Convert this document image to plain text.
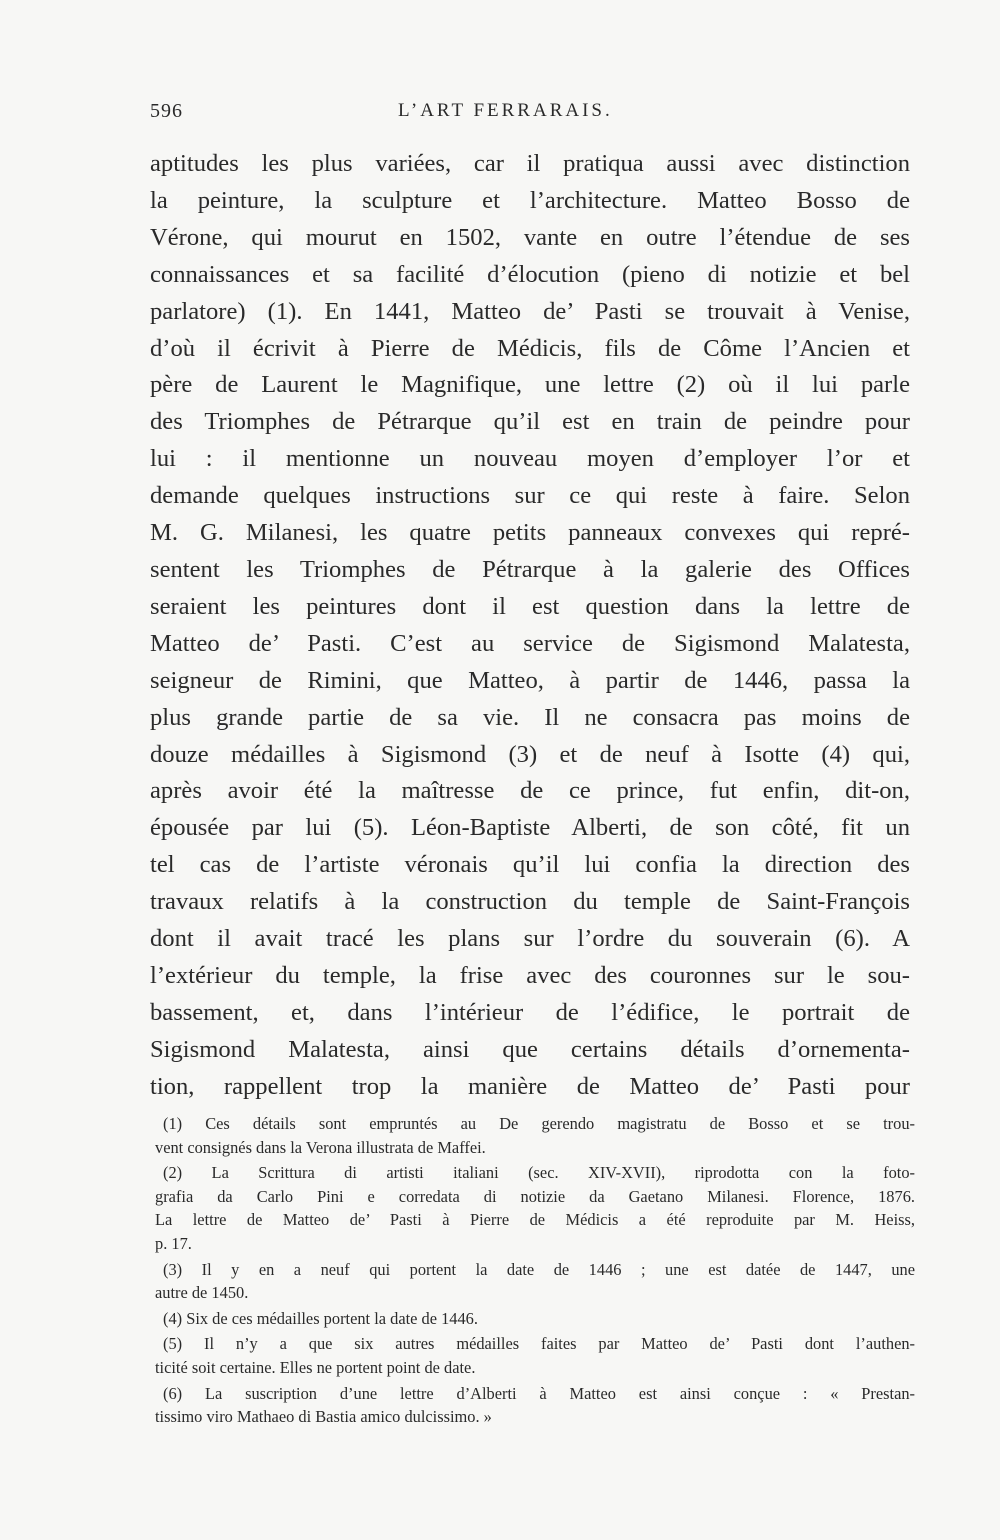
596	L’ART FERRARAIS.
aptitudes les plus variées, car il pratiqua aussi avec distinction
la peinture, la sculpture et l’architecture. Matteo Bosso de
Vérone, qui mourut en 1502, vante en outre l’étendue de ses
connaissances et sa facilité d’élocution (pieno di notizie et bel
parlatore) (1). En 1441, Matteo de’ Pasti se trouvait à Venise,
d’où il écrivit à Pierre de Médicis, fils de Côme l’Ancien et
père de Laurent le Magnifique, une lettre (2) où il lui parle
des Triomphes de Pétrarque qu’il est en train de peindre pour
lui : il mentionne un nouveau moyen d’employer l’or et
demande quelques instructions sur ce qui reste à faire. Selon
M. G. Milanesi, les quatre petits panneaux convexes qui repré-
sentent les Triomphes de Pétrarque à la galerie des Offices
seraient les peintures dont il est question dans la lettre de
Matteo de’ Pasti. C’est au service de Sigismond Malatesta,
seigneur de Rimini, que Matteo, à partir de 1446, passa la
plus grande partie de sa vie. Il ne consacra pas moins de
douze médailles à Sigismond (3) et de neuf à Isotte (4) qui,
après avoir été la maîtresse de ce prince, fut enfin, dit-on,
épousée par lui (5). Léon-Baptiste Alberti, de son côté, fit un
tel cas de l’artiste véronais qu’il lui confia la direction des
travaux relatifs à la construction du temple de Saint-François
dont il avait tracé les plans sur l’ordre du souverain (6). A
l’extérieur du temple, la frise avec des couronnes sur le sou-
bassement, et, dans l’intérieur de l’édifice, le portrait de
Sigismond Malatesta, ainsi que certains détails d’ornementa-
tion, rappellent trop la manière de Matteo de’ Pasti pour
(1) Ces détails sont empruntés au De gerendo magistratu de Bosso et se trou-
vent consignés dans la Verona illustrata de Maffei.
(2) La Scrittura di artisti italiani (sec. XIV-XVII), riprodotta con la foto-
grafia da Carlo Pini e corredata di notizie da Gaetano Milanesi. Florence, 1876.
La lettre de Matteo de’ Pasti à Pierre de Médicis a été reproduite par M. Heiss,
p. 17.
(3) Il y en a neuf qui portent la date de 1446 ; une est datée de 1447, une
autre de 1450.
(4) Six de ces médailles portent la date de 1446.
(5) Il n’y a que six autres médailles faites par Matteo de’ Pasti dont l’authen-
ticité soit certaine. Elles ne portent point de date.
(6) La suscription d’une lettre d’Alberti à Matteo est ainsi conçue : « Prestan-
tissimo viro Mathaeo di Bastia amico dulcissimo. »
